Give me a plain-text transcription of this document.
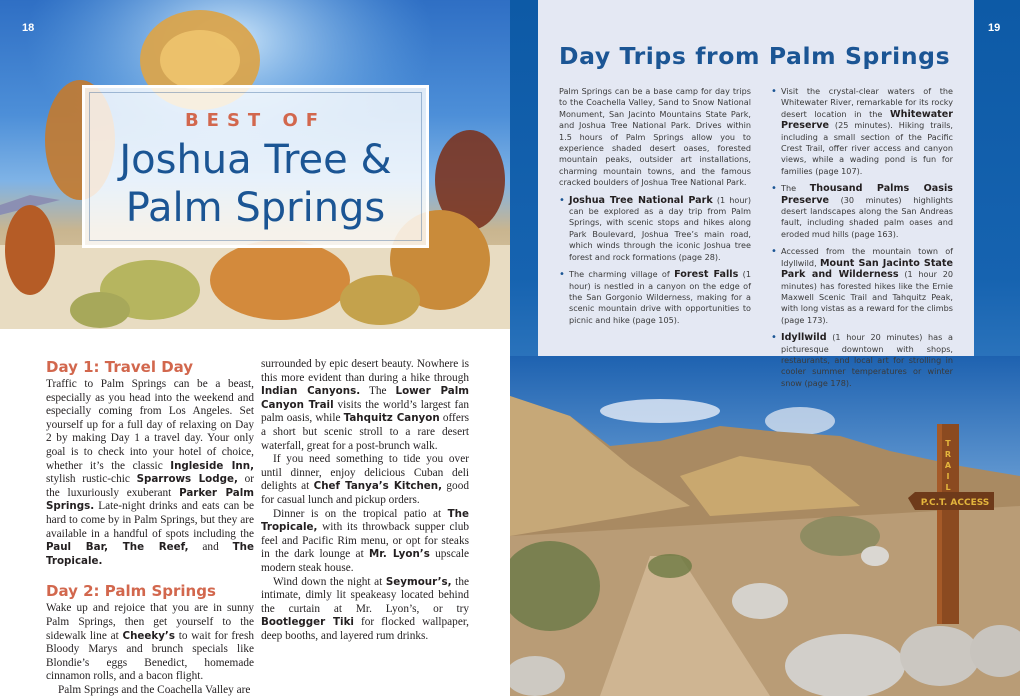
BEST OF
Joshua Tree &
Palm Springs
18
Day 1: Travel Day

Traffic to Palm Springs can be a beast, especially as you head into the weekend and especially coming from Los Angeles. Set yourself up for a full day of relaxing on Day 2 by making Day 1 a travel day. Your only goal is to check into your hotel of choice, whether it’s the classic Ingleside Inn, stylish rustic-chic Sparrows Lodge, or the luxuriously exuberant Parker Palm Springs. Late-night drinks and eats can be hard to come by in Palm Springs, but they are available in a handful of spots including the Paul Bar, The Reef, and The Tropicale.

Day 2: Palm Springs

Wake up and rejoice that you are in sunny Palm Springs, then get yourself to the sidewalk line at Cheeky’s to wait for fresh Bloody Marys and brunch specials like Blondie’s eggs Benedict, homemade cinnamon rolls, and a bacon flight.

Palm Springs and the Coachella Valley are

surrounded by epic desert beauty. Nowhere is this more evident than during a hike through Indian Canyons. The Lower Palm Canyon Trail visits the world’s largest fan palm oasis, while Tahquitz Canyon offers a short but scenic stroll to a rare desert waterfall, great for a post-brunch walk.

If you need something to tide you over until dinner, enjoy delicious Cuban deli delights at Chef Tanya’s Kitchen, good for casual lunch and pickup orders.

Dinner is on the tropical patio at The Tropicale, with its throwback supper club feel and Pacific Rim menu, or opt for steaks in the dark lounge at Mr. Lyon’s upscale modern steak house.

Wind down the night at Seymour’s, the intimate, dimly lit speakeasy located behind the curtain at Mr. Lyon’s, or try Bootlegger Tiki for flocked wallpaper, deep booths, and layered rum drinks.

P.C.T. ACCESS
T
R
A
I
L
19
Day Trips from Palm Springs

Palm Springs can be a base camp for day trips to the Coachella Valley, Sand to Snow National Monument, San Jacinto Mountains State Park, and Joshua Tree National Park. Drives within 1.5 hours of Palm Springs allow you to experience shaded desert oases, forested mountain peaks, outsider art installations, charming mountain towns, and the famous cracked boulders of Joshua Tree National Park.

• Joshua Tree National Park (1 hour) can be explored as a day trip from Palm Springs, with scenic stops and hikes along Park Boulevard, Joshua Tree’s main road, which winds through the iconic Joshua tree forest and rock formations (page 28).
• The charming village of Forest Falls (1 hour) is nestled in a canyon on the edge of the San Gorgonio Wilderness, making for a scenic mountain drive with opportunities to picnic and hike (page 105).
• Visit the crystal-clear waters of the Whitewater River, remarkable for its rocky desert location in the Whitewater Preserve (25 minutes). Hiking trails, including a small section of the Pacific Crest Trail, offer river access and canyon views, while a wading pond is fun for families (page 107).
• The Thousand Palms Oasis Preserve (30 minutes) highlights desert landscapes along the San Andreas fault, including shaded palm oases and eroded mud hills (page 163).
• Accessed from the mountain town of Idyllwild, Mount San Jacinto State Park and Wilderness (1 hour 20 minutes) has forested hikes like the Ernie Maxwell Scenic Trail and Tahquitz Peak, with long vistas as a reward for the climbs (page 173).
• Idyllwild (1 hour 20 minutes) has a picturesque downtown with shops, restaurants, and local art for strolling in cooler summer temperatures or winter snow (page 178).
